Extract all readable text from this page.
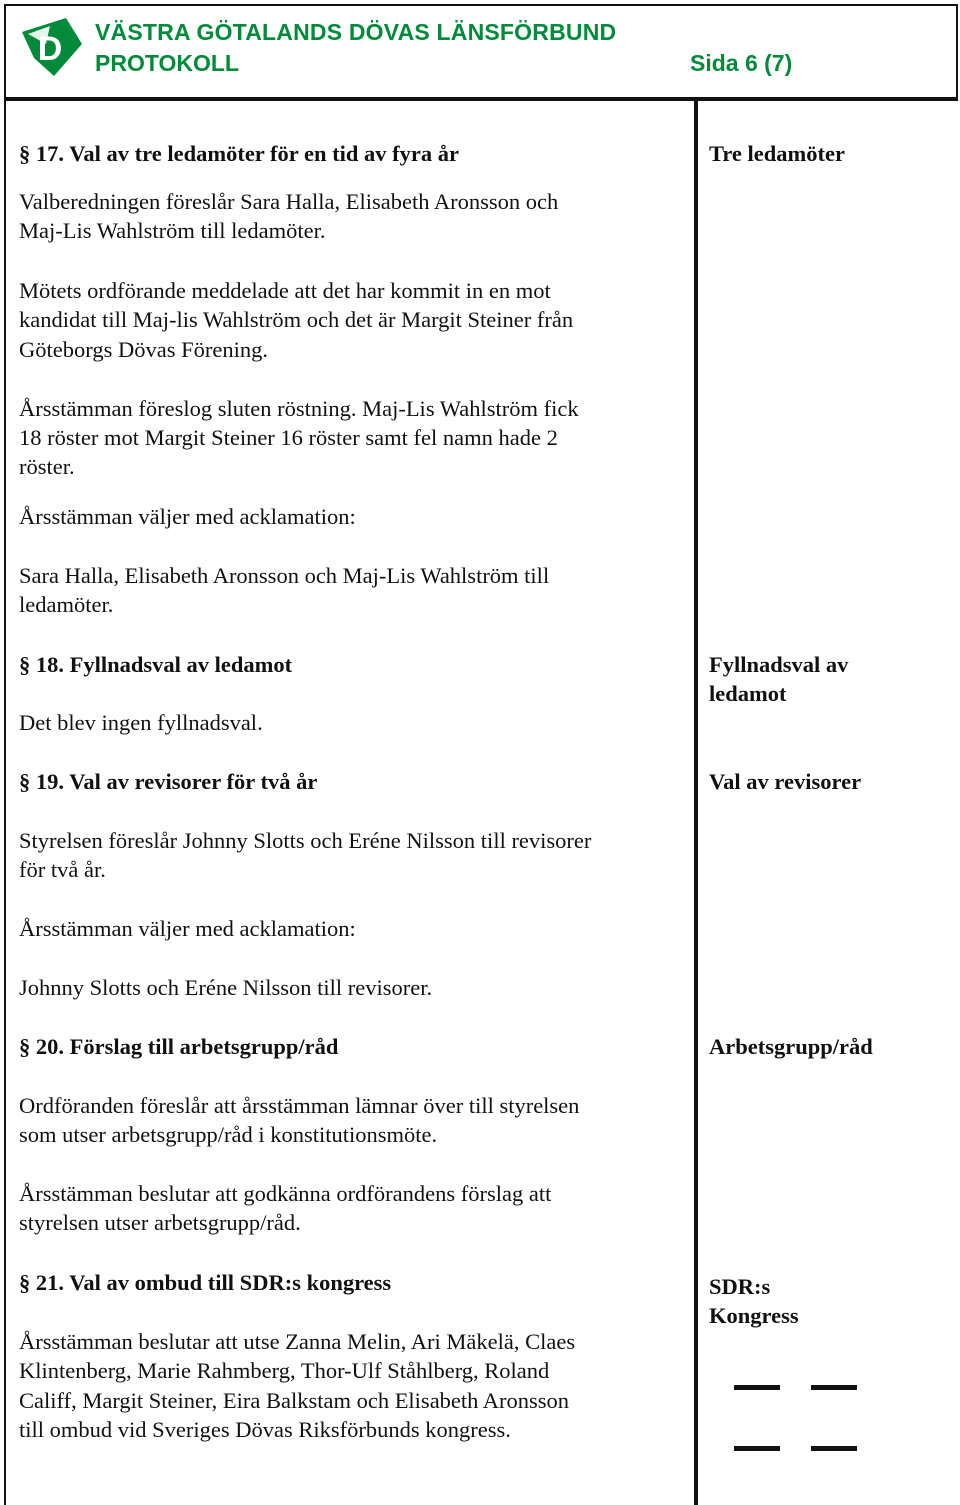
D VÄSTRA GÖTALANDS DÖVAS LÄNSFÖRBUND
PROTOKOLL	Sida 6 (7)
§ 17. Val av tre ledamöter för en tid av fyra år	Tre ledamöter
Valberedningen föreslår Sara Halla, Elisabeth Aronsson och
Maj-Lis Wahlström till ledamöter.
Mötets ordförande meddelade att det har kommit in en mot
kandidat till Maj-lis Wahlström och det är Margit Steiner från
Göteborgs Dövas Förening.
Årsstämman föreslog sluten röstning. Maj-Lis Wahlström fick
18 röster mot Margit Steiner 16 röster samt fel namn hade 2
röster.
Årsstämman väljer med acklamation:
Sara Halla, Elisabeth Aronsson och Maj-Lis Wahlström till
ledamöter.
§ 18. Fyllnadsval av ledamot	Fyllnadsval av
ledamot
Det blev ingen fyllnadsval.
§ 19. Val av revisorer för två år	Val av revisorer
Styrelsen föreslår Johnny Slotts och Eréne Nilsson till revisorer
för två år.
Årsstämman väljer med acklamation:
Johnny Slotts och Eréne Nilsson till revisorer.
§ 20. Förslag till arbetsgrupp/råd	Arbetsgrupp/råd
Ordföranden föreslår att årsstämman lämnar över till styrelsen
som utser arbetsgrupp/råd i konstitutionsmöte.
Årsstämman beslutar att godkänna ordförandens förslag att
styrelsen utser arbetsgrupp/råd.
§ 21. Val av ombud till SDR:s kongress	SDR:s
Kongress
Årsstämman beslutar att utse Zanna Melin, Ari Mäkelä, Claes
Klintenberg, Marie Rahmberg, Thor-Ulf Ståhlberg, Roland
Califf, Margit Steiner, Eira Balkstam och Elisabeth Aronsson
till ombud vid Sveriges Dövas Riksförbunds kongress.
